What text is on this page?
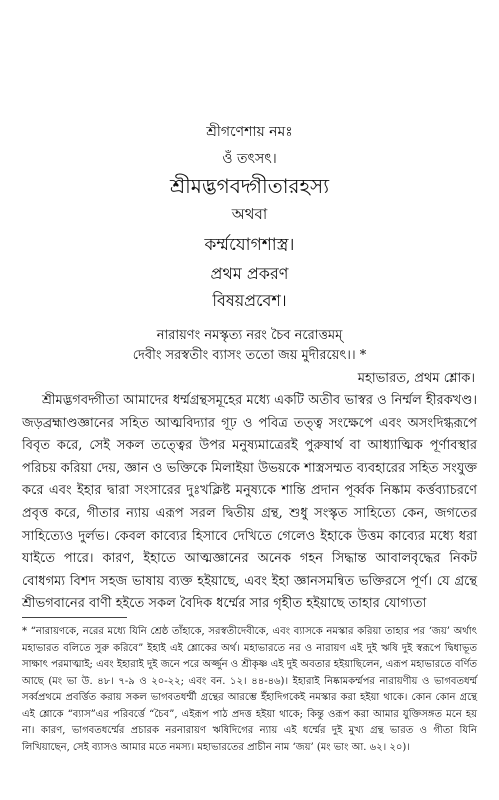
শ্রীগণেশায় নমঃ
ওঁ তৎসৎ।
শ্রীমদ্ভগবদ্গীতারহস্য
অথবা
কর্ম্মযোগশাস্ত্র।
প্রথম প্রকরণ
বিষয়প্রবেশ।
নারায়ণং নমস্কৃত্য নরং চৈব নরোত্তমম্
দেবীং সরস্বতীং ব্যাসং ততো জয় মুদীরয়েৎ।। *
মহাভারত, প্রথম শ্লোক।

শ্রীমদ্ভগবদ্গীতা আমাদের ধর্ম্মগ্রন্থসমূহের মধ্যে একটি অতীব ভাস্বর ও নির্ম্মল হীরকখণ্ড। জড়ব্রহ্মাণ্ডজ্ঞানের সহিত আত্মবিদ্যার গূঢ় ও পবিত্র তত্ত্ব সংক্ষেপে এবং অসংদিগ্ধরূপে বিবৃত করে, সেই সকল তত্ত্বের উপর মনুষ্যমাত্রেরই পুরুষার্থ বা আধ্যাত্মিক পূর্ণাবস্থার পরিচয় করিয়া দেয়, জ্ঞান ও ভক্তিকে মিলাইয়া উভয়কে শাস্ত্রসম্মত ব্যবহারের সহিত সংযুক্ত করে এবং ইহার দ্বারা সংসারের দুঃখক্লিষ্ট মনুষ্যকে শান্তি প্রদান পূর্ব্বক নিষ্কাম কর্ত্তব্যাচরণে প্রবৃত্ত করে, গীতার ন্যায় এরূপ সরল দ্বিতীয় গ্রন্থ, শুধু সংস্কৃত সাহিত্যে কেন, জগতের সাহিত্যেও দুর্লভ। কেবল কাব্যের হিসাবে দেখিতে গেলেও ইহাকে উত্তম কাব্যের মধ্যে ধরা যাইতে পারে। কারণ, ইহাতে আত্মজ্ঞানের অনেক গহন সিদ্ধান্ত আবালবৃদ্ধের নিকট বোধগম্য বিশদ সহজ ভাষায় ব্যক্ত হইয়াছে, এবং ইহা জ্ঞানসমন্বিত ভক্তিরসে পূর্ণ। যে গ্রন্থে শ্রীভগবানের বাণী হইতে সকল বৈদিক ধর্ম্মের সার গৃহীত হইয়াছে তাহার যোগ্যতা

* “নারায়ণকে, নরের মধ্যে যিনি শ্রেষ্ঠ তাঁহাকে, সরস্বতীদেবীকে, এবং ব্যাসকে নমস্কার করিয়া তাহার পর ‘জয়’ অর্থাৎ মহাভারত বলিতে সুরু করিবে” ইহাই এই শ্লোকের অর্থ। মহাভারতে নর ও নারায়ণ এই দুই ঋষি দুই স্বরূপে দ্বিধাভূত সাক্ষাৎ পরমাত্মাই; এবং ইহারাই দুই জনে পরে অর্জ্জুন ও শ্রীকৃষ্ণ এই দুই অবতার হইয়াছিলেন, এরূপ মহাভারতে বর্ণিত আছে (মং ভা উ. ৪৮। ৭-৯ ও ২০-২২; এবং বন. ১২। ৪৪-৪৬)। ইহারাই নিষ্কামকর্ম্মপর নারায়ণীয় ও ভাগবতধর্ম্ম সর্ব্বপ্রথমে প্রবর্ত্তিত করায় সকল ভাগবতধর্ম্মী গ্রন্থের আরম্ভে ইঁহাদিগকেই নমস্কার করা হইয়া থাকে। কোন কোন গ্রন্থে এই শ্লোকে “ব্যাস”এর পরিবর্ত্তে “চৈব”, এইরূপ পাঠ প্রদত্ত হইয়া থাকে; কিন্তু ওরূপ করা আমার যুক্তিসঙ্গত মনে হয় না। কারণ, ভাগবতধর্ম্মের প্রচারক নরনারায়ণ ঋষিদিগের ন্যায় এই ধর্ম্মের দুই মুখ্য গ্রন্থ ভারত ও গীতা যিনি লিখিয়াছেন, সেই ব্যাসও আমার মতে নমস্য। মহাভারতের প্রাচীন নাম ‘জয়’ (মং ভাং আ. ৬২। ২০)।
